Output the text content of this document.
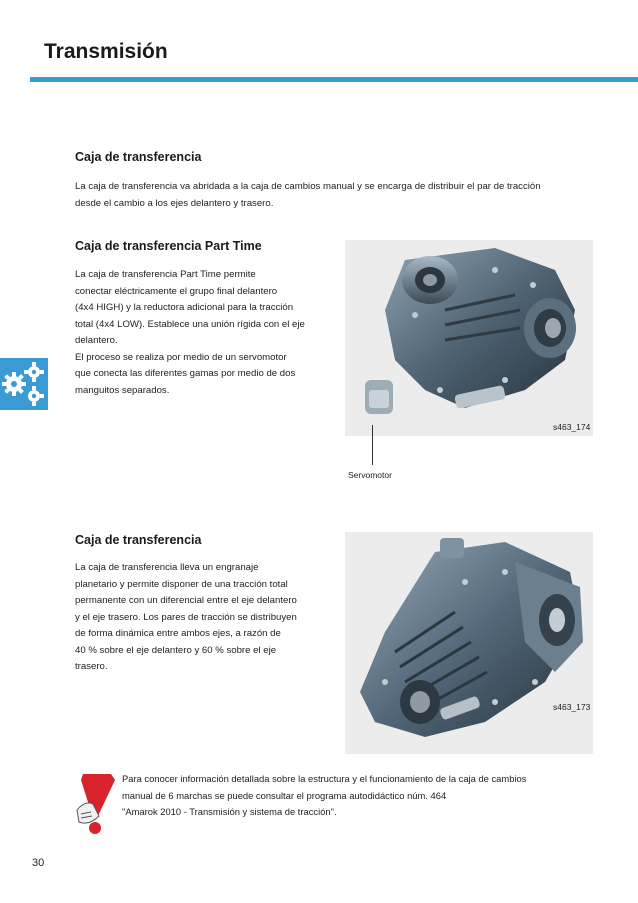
Transmisión
Caja de transferencia
La caja de transferencia va abridada a la caja de cambios manual y se encarga de distribuir el par de tracción
desde el cambio a los ejes delantero y trasero.
Caja de transferencia Part Time
La caja de transferencia Part Time permite
conectar eléctricamente el grupo final delantero
(4x4 HIGH) y la reductora adicional para la tracción
total (4x4 LOW). Establece una unión rígida con el eje
delantero.
El proceso se realiza por medio de un servomotor
que conecta las diferentes gamas por medio de dos
manguitos separados.
s463_174
Servomotor
Caja de transferencia
La caja de transferencia lleva un engranaje
planetario y permite disponer de una tracción total
permanente con un diferencial entre el eje delantero
y el eje trasero. Los pares de tracción se distribuyen
de forma dinámica entre ambos ejes, a razón de
40 % sobre el eje delantero y 60 % sobre el eje
trasero.
s463_173
Para conocer información detallada sobre la estructura y el funcionamiento de la caja de cambios
manual de 6 marchas se puede consultar el programa autodidáctico núm. 464
"Amarok 2010 - Transmisión y sistema de tracción".
30
